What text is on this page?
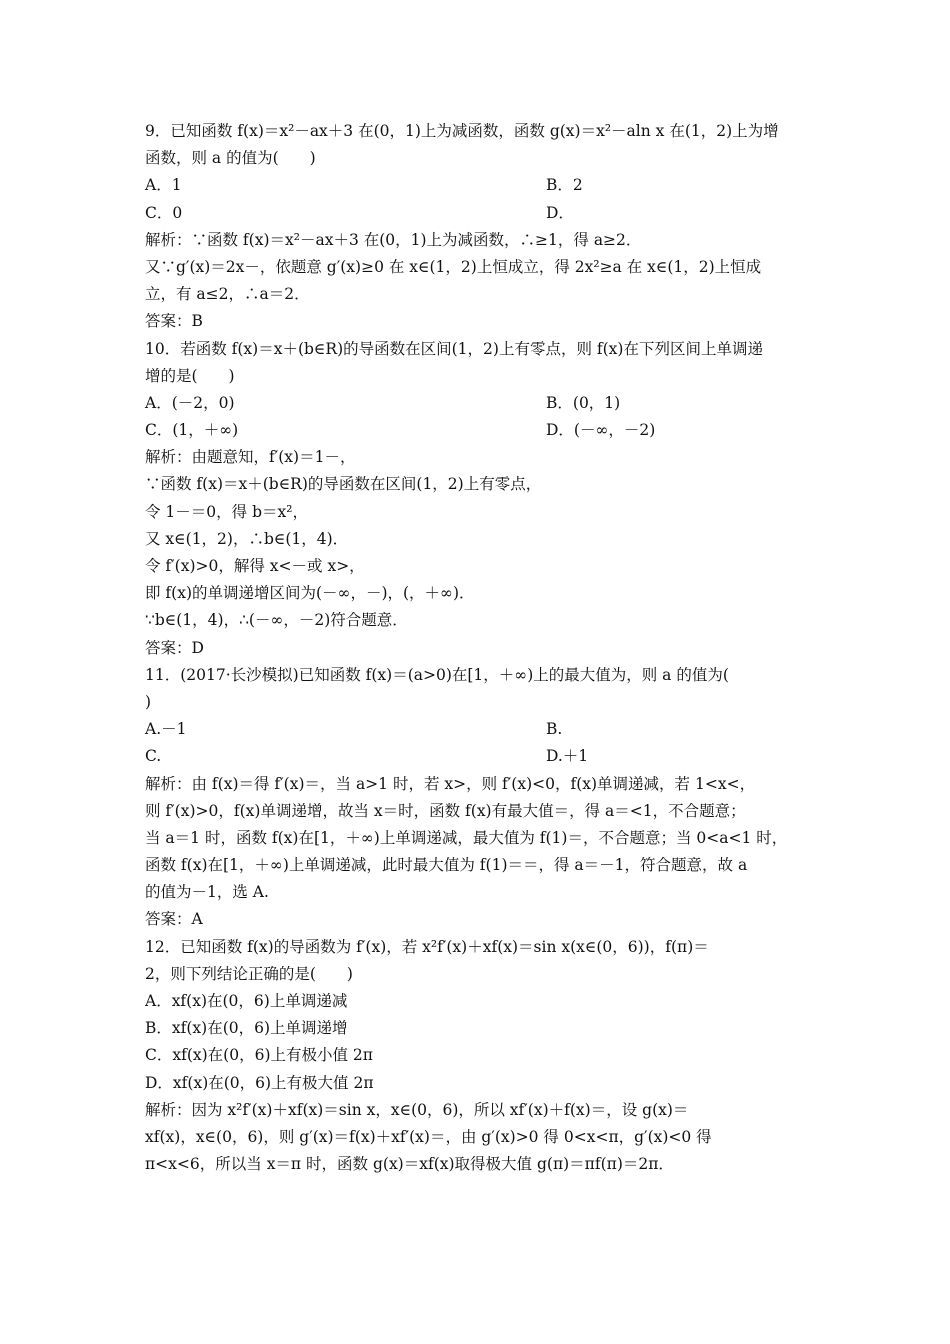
9．已知函数 f(x)＝x²－ax＋3 在(0，1)上为减函数，函数 g(x)＝x²－aln x 在(1，2)上为增

函数，则 a 的值为(　　)

A．1	B．2
C．0	D．

解析：∵函数 f(x)＝x²－ax＋3 在(0，1)上为减函数，∴≥1，得 a≥2．

又∵g′(x)＝2x－，依题意 g′(x)≥0 在 x∈(1，2)上恒成立，得 2x²≥a 在 x∈(1，2)上恒成

立，有 a≤2，∴a＝2．

答案：B

10．若函数 f(x)＝x＋(b∈R)的导函数在区间(1，2)上有零点，则 f(x)在下列区间上单调递

增的是(　　)

A．(－2，0)	B．(0，1)
C．(1，＋∞)	D．(－∞，－2)

解析：由题意知，f′(x)＝1－，

∵函数 f(x)＝x＋(b∈R)的导函数在区间(1，2)上有零点，

令 1－＝0，得 b＝x²，

又 x∈(1，2)，∴b∈(1，4)．

令 f′(x)>0，解得 x<－或 x>，

即 f(x)的单调递增区间为(－∞，－)，(，＋∞)．

∵b∈(1，4)，∴(－∞，－2)符合题意．

答案：D

11．(2017·长沙模拟)已知函数 f(x)＝(a>0)在[1，＋∞)上的最大值为，则 a 的值为(

)

A.－1	B.
C.	D.＋1

解析：由 f(x)＝得 f′(x)＝，当 a>1 时，若 x>，则 f′(x)<0，f(x)单调递减，若 1<x<，

则 f′(x)>0，f(x)单调递增，故当 x＝时，函数 f(x)有最大值＝，得 a＝<1，不合题意；

当 a＝1 时，函数 f(x)在[1，＋∞)上单调递减，最大值为 f(1)＝，不合题意；当 0<a<1 时，

函数 f(x)在[1，＋∞)上单调递减，此时最大值为 f(1)＝＝，得 a＝－1，符合题意，故 a

的值为－1，选 A.

答案：A

12．已知函数 f(x)的导函数为 f′(x)，若 x²f′(x)＋xf(x)＝sin x(x∈(0，6))，f(π)＝

2，则下列结论正确的是(　　)

A．xf(x)在(0，6)上单调递减

B．xf(x)在(0，6)上单调递增

C．xf(x)在(0，6)上有极小值 2π

D．xf(x)在(0，6)上有极大值 2π

解析：因为 x²f′(x)＋xf(x)＝sin x，x∈(0，6)，所以 xf′(x)＋f(x)＝，设 g(x)＝

xf(x)，x∈(0，6)，则 g′(x)＝f(x)＋xf′(x)＝，由 g′(x)>0 得 0<x<π，g′(x)<0 得

π<x<6，所以当 x＝π 时，函数 g(x)＝xf(x)取得极大值 g(π)＝πf(π)＝2π．
